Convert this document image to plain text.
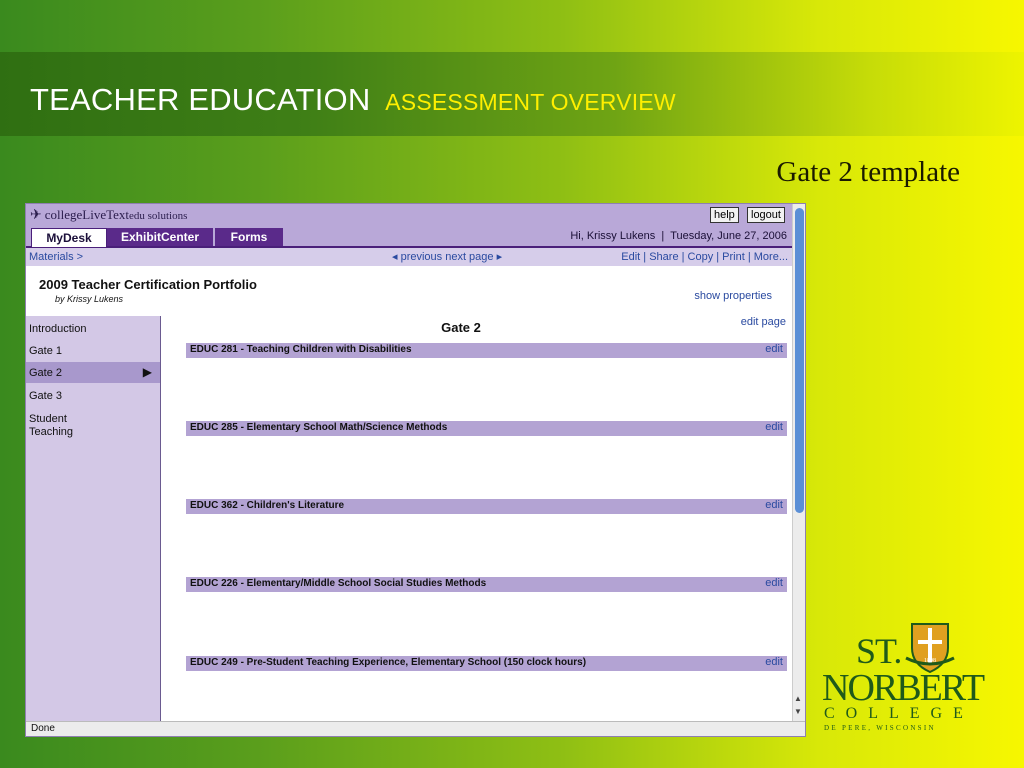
TEACHER EDUCATION ASSESSMENT OVERVIEW
Gate 2 template
✈ collegeLiveTextedu solutions	help	logout
MyDesk	ExhibitCenter	Forms	Hi, Krissy Lukens  |  Tuesday, June 27, 2006
Materials >	◂ previous next page ▸	Edit | Share | Copy | Print | More...
2009 Teacher Certification Portfolio
by Krissy Lukens	show properties
▶
Introduction
Gate 1
Gate 2
Gate 3
Student Teaching
edit page
Gate 2
EDUC 281 - Teaching Children with Disabilities	edit
EDUC 285 - Elementary School Math/Science Methods	edit
EDUC 362 - Children's Literature	edit
EDUC 226 - Elementary/Middle School Social Studies Methods	edit
EDUC 249 - Pre-Student Teaching Experience, Elementary School (150 clock hours)	edit
▲
▼
Done
1898
ST.
NORBERT
COLLEGE
DE PERE, WISCONSIN
